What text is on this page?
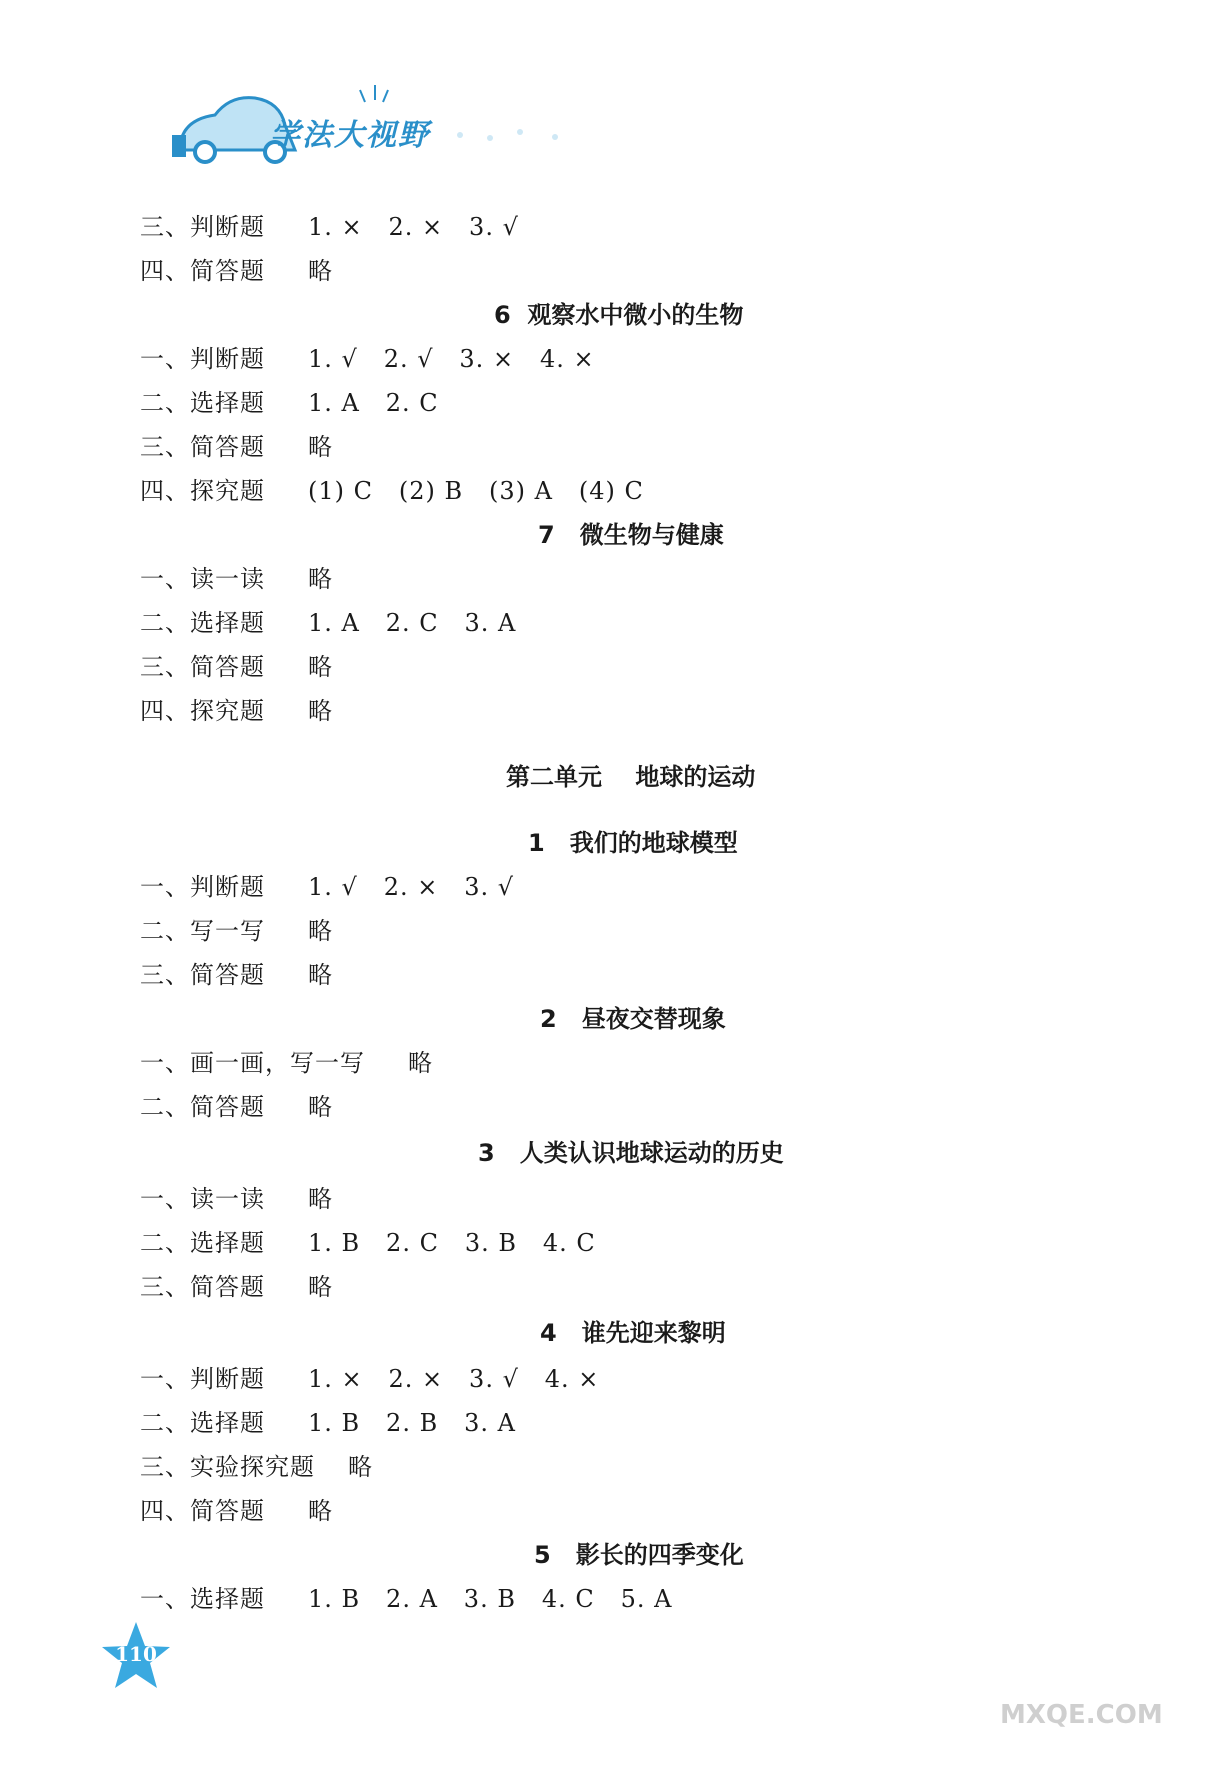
学法大视野
三、判断题 1. ×   2. ×   3. √
四、简答题 略
6  观察水中微小的生物
一、判断题 1. √   2. √   3. ×   4. ×
二、选择题 1. A   2. C
三、简答题 略
四、探究题 (1) C   (2) B   (3) A   (4) C
7   微生物与健康
一、读一读 略
二、选择题 1. A   2. C   3. A
三、简答题 略
四、探究题 略
第二单元    地球的运动
1   我们的地球模型
一、判断题 1. √   2. ×   3. √
二、写一写 略
三、简答题 略
2   昼夜交替现象
一、画一画，写一写 略
二、简答题 略
3   人类认识地球运动的历史
一、读一读 略
二、选择题 1. B   2. C   3. B   4. C
三、简答题 略
4   谁先迎来黎明
一、判断题 1. ×   2. ×   3. √   4. ×
二、选择题 1. B   2. B   3. A
三、实验探究题 略
四、简答题 略
5   影长的四季变化
一、选择题 1. B   2. A   3. B   4. C   5. A
110
MXQE.COM
